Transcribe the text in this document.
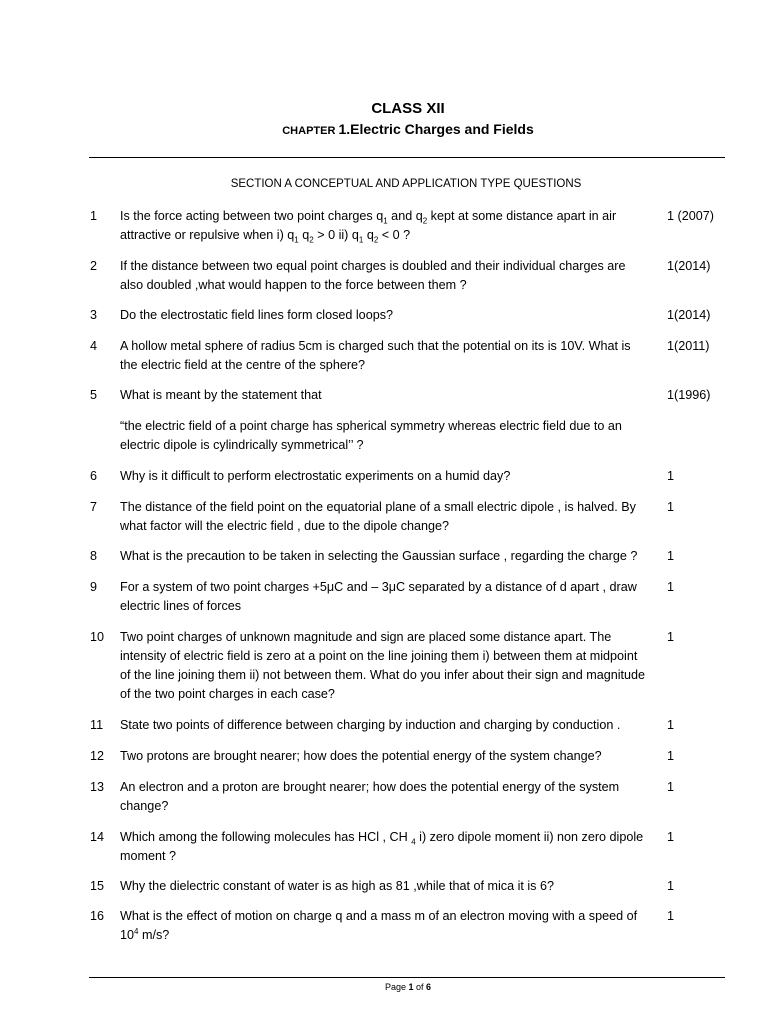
CLASS XII
CHAPTER 1.Electric Charges and Fields
SECTION A CONCEPTUAL AND APPLICATION TYPE QUESTIONS
1 Is the force acting between two point charges $q_1$ and $q_2$ kept at some distance apart in air attractive or repulsive when i) $q_1$ $q_2 > 0$ ii) $q_1$ $q_2 < 0$ ?
1 (2007)
2 If the distance between two equal point charges is doubled and their individual charges are also doubled ,what would happen to the force between them ?
1(2014)
3 Do the electrostatic field lines form closed loops?	1(2014)
4 A hollow metal sphere of radius 5cm is charged such that the potential on its is 10V. What is the electric field at the centre of the sphere?
1(2011)
5 What is meant by the statement that

“the electric field of a point charge has spherical symmetry whereas electric field due to an electric dipole is cylindrically symmetrical’’ ?

1(1996)
6 Why is it difficult to perform electrostatic experiments on a humid day?	1
7 The distance of the field point on the equatorial plane of a small electric dipole , is halved. By what factor will the electric field , due to the dipole change?
1
8 What is the precaution to be taken in selecting the Gaussian surface , regarding the charge ?	1
9 For a system of two point charges +5μC and – 3μC separated by a distance of d apart , draw electric lines of forces
1
10 Two point charges of unknown magnitude and sign are placed some distance apart. The intensity of electric field is zero at a point on the line joining them i) between them at midpoint of the line joining them ii) not between them. What do you infer about their sign and magnitude of the two point charges in each case?
1
11 State two points of difference between charging by induction and charging by conduction .	1
12 Two protons are brought nearer; how does the potential energy of the system change?	1
13 An electron and a proton are brought nearer; how does the potential energy of the system change?
1
14 Which among the following molecules has HCl , CH $_4$ i) zero dipole moment ii) non zero dipole moment ?
1
15 Why the dielectric constant of water is as high as 81 ,while that of mica it is 6?	1
16 What is the effect of motion on charge q and a mass m of an electron moving with a speed of $10^4$ m/s?
1
Page 1 of 6
